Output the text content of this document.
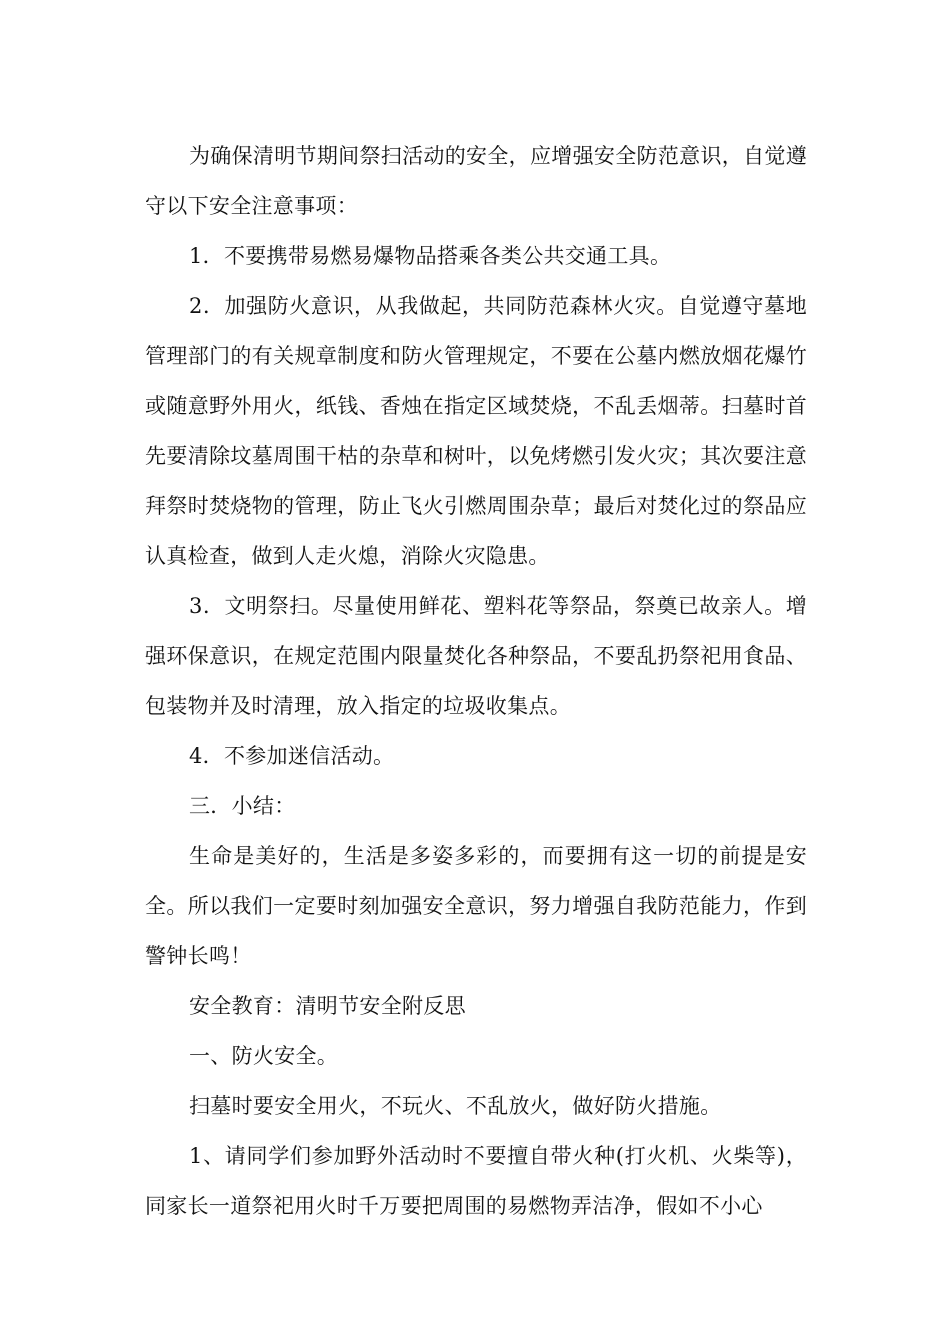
为确保清明节期间祭扫活动的安全，应增强安全防范意识，自觉遵守以下安全注意事项：

1．不要携带易燃易爆物品搭乘各类公共交通工具。

2．加强防火意识，从我做起，共同防范森林火灾。自觉遵守墓地管理部门的有关规章制度和防火管理规定，不要在公墓内燃放烟花爆竹或随意野外用火，纸钱、香烛在指定区域焚烧，不乱丢烟蒂。扫墓时首先要清除坟墓周围干枯的杂草和树叶，以免烤燃引发火灾；其次要注意拜祭时焚烧物的管理，防止飞火引燃周围杂草；最后对焚化过的祭品应认真检查，做到人走火熄，消除火灾隐患。

3．文明祭扫。尽量使用鲜花、塑料花等祭品，祭奠已故亲人。增强环保意识，在规定范围内限量焚化各种祭品，不要乱扔祭祀用食品、包装物并及时清理，放入指定的垃圾收集点。

4．不参加迷信活动。

三．小结：

生命是美好的，生活是多姿多彩的，而要拥有这一切的前提是安全。所以我们一定要时刻加强安全意识，努力增强自我防范能力，作到警钟长鸣！

安全教育：清明节安全附反思

一、防火安全。

扫墓时要安全用火，不玩火、不乱放火，做好防火措施。

1、请同学们参加野外活动时不要擅自带火种(打火机、火柴等)，同家长一道祭祀用火时千万要把周围的易燃物弄洁净，假如不小心
